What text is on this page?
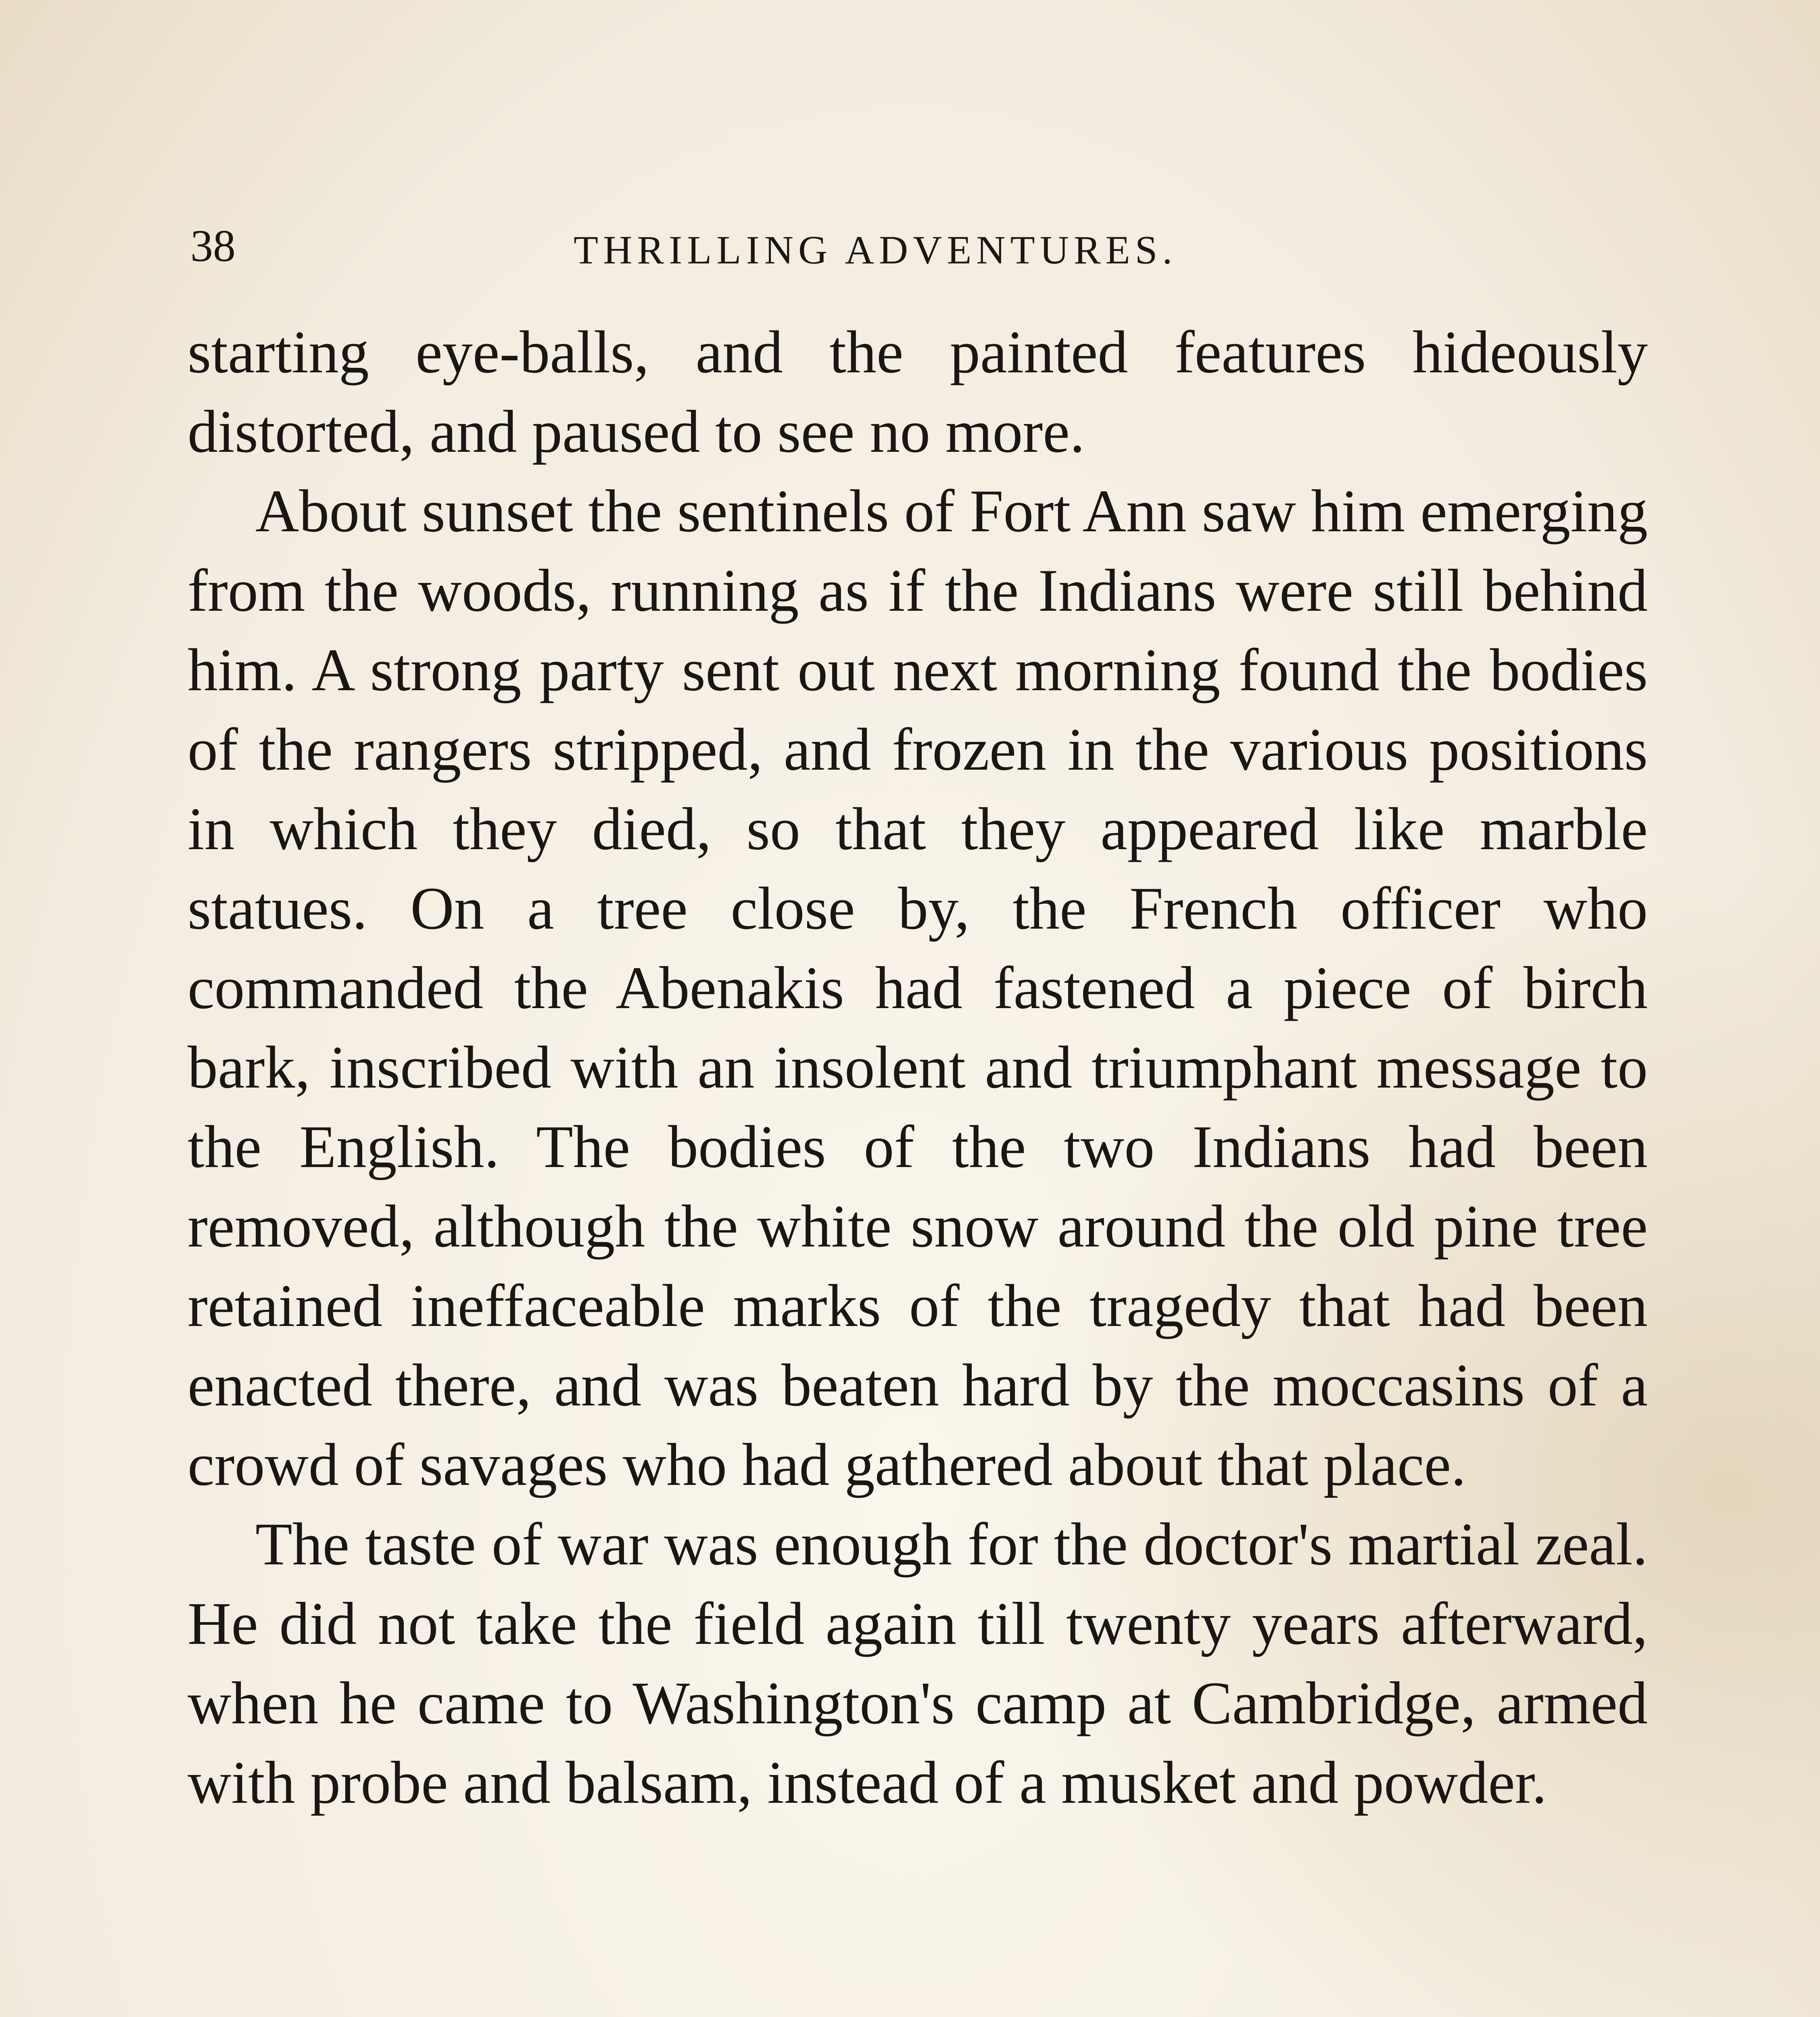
38	THRILLING ADVENTURES.

starting eye-balls, and the painted features hideously distorted, and paused to see no more.

About sunset the sentinels of Fort Ann saw him emerging from the woods, running as if the Indians were still behind him. A strong party sent out next morning found the bodies of the rangers stripped, and frozen in the various positions in which they died, so that they appeared like marble statues. On a tree close by, the French officer who commanded the Abenakis had fastened a piece of birch bark, inscribed with an insolent and triumphant message to the English. The bodies of the two Indians had been removed, although the white snow around the old pine tree retained ineffaceable marks of the tragedy that had been enacted there, and was beaten hard by the moccasins of a crowd of savages who had gathered about that place.

The taste of war was enough for the doctor's martial zeal. He did not take the field again till twenty years afterward, when he came to Washington's camp at Cambridge, armed with probe and balsam, instead of a musket and powder.
